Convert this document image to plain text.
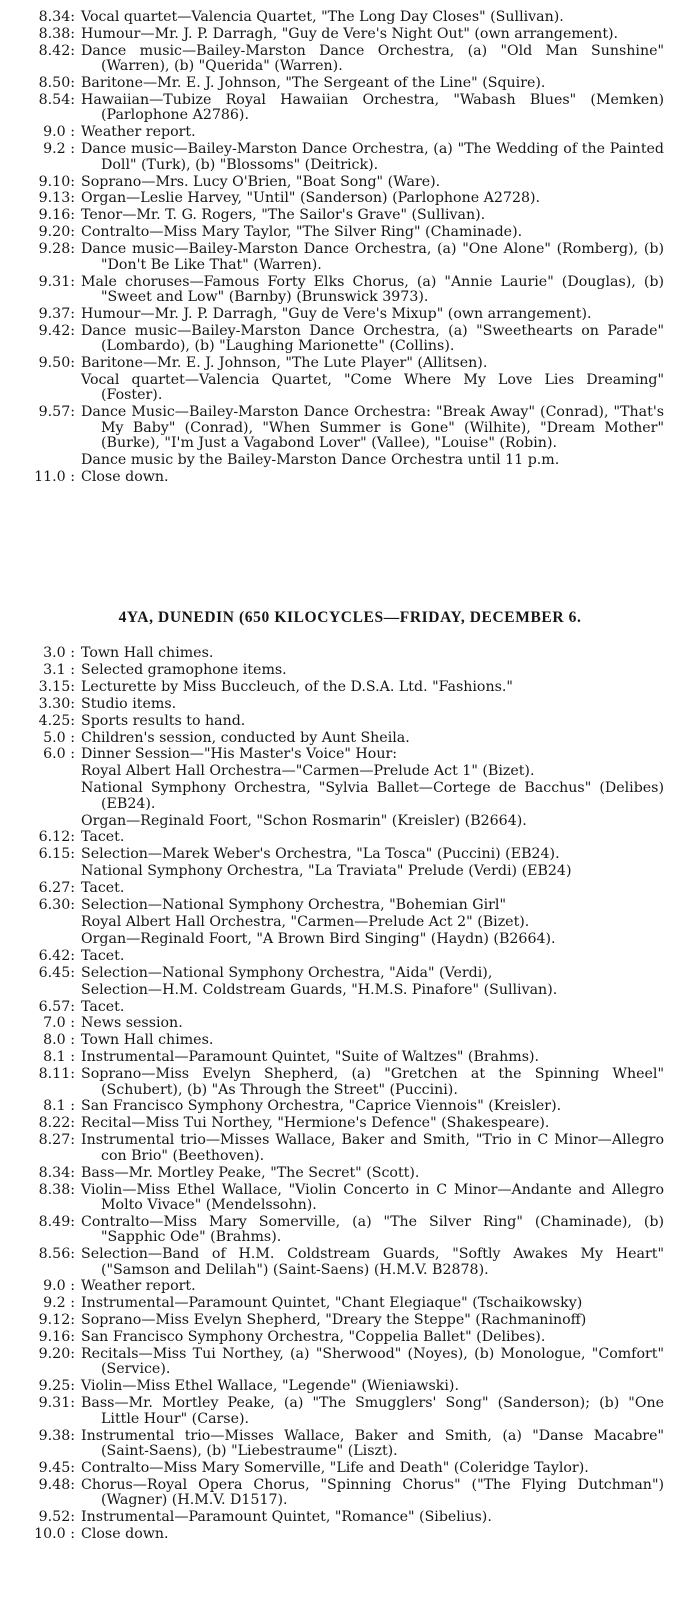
8.34: Vocal quartet—Valencia Quartet, "The Long Day Closes" (Sullivan).
8.38: Humour—Mr. J. P. Darragh, "Guy de Vere's Night Out" (own arrangement).
8.42: Dance music—Bailey-Marston Dance Orchestra, (a) "Old Man Sunshine" (Warren), (b) "Querida" (Warren).
8.50: Baritone—Mr. E. J. Johnson, "The Sergeant of the Line" (Squire).
8.54: Hawaiian—Tubize Royal Hawaiian Orchestra, "Wabash Blues" (Memken) (Parlophone A2786).
9.0 : Weather report.
9.2 : Dance music—Bailey-Marston Dance Orchestra, (a) "The Wedding of the Painted Doll" (Turk), (b) "Blossoms" (Deitrick).
9.10: Soprano—Mrs. Lucy O'Brien, "Boat Song" (Ware).
9.13: Organ—Leslie Harvey, "Until" (Sanderson) (Parlophone A2728).
9.16: Tenor—Mr. T. G. Rogers, "The Sailor's Grave" (Sullivan).
9.20: Contralto—Miss Mary Taylor, "The Silver Ring" (Chaminade).
9.28: Dance music—Bailey-Marston Dance Orchestra, (a) "One Alone" (Romberg), (b) "Don't Be Like That" (Warren).
9.31: Male choruses—Famous Forty Elks Chorus, (a) "Annie Laurie" (Douglas), (b) "Sweet and Low" (Barnby) (Brunswick 3973).
9.37: Humour—Mr. J. P. Darragh, "Guy de Vere's Mixup" (own arrangement).
9.42: Dance music—Bailey-Marston Dance Orchestra, (a) "Sweethearts on Parade" (Lombardo), (b) "Laughing Marionette" (Collins).
9.50: Baritone—Mr. E. J. Johnson, "The Lute Player" (Allitsen).
Vocal quartet—Valencia Quartet, "Come Where My Love Lies Dreaming" (Foster).
9.57: Dance Music—Bailey-Marston Dance Orchestra: "Break Away" (Conrad), "That's My Baby" (Conrad), "When Summer is Gone" (Wilhite), "Dream Mother" (Burke), "I'm Just a Vagabond Lover" (Vallee), "Louise" (Robin).
Dance music by the Bailey-Marston Dance Orchestra until 11 p.m.
11.0 : Close down.
4YA, DUNEDIN (650 KILOCYCLES—FRIDAY, DECEMBER 6.
3.0 : Town Hall chimes.
3.1 : Selected gramophone items.
3.15: Lecturette by Miss Buccleuch, of the D.S.A. Ltd. "Fashions."
3.30: Studio items.
4.25: Sports results to hand.
5.0 : Children's session, conducted by Aunt Sheila.
6.0 : Dinner Session—"His Master's Voice" Hour:
Royal Albert Hall Orchestra—"Carmen—Prelude Act 1" (Bizet).
National Symphony Orchestra, "Sylvia Ballet—Cortege de Bacchus" (Delibes) (EB24).
Organ—Reginald Foort, "Schon Rosmarin" (Kreisler) (B2664).
6.12: Tacet.
6.15: Selection—Marek Weber's Orchestra, "La Tosca" (Puccini) (EB24).
National Symphony Orchestra, "La Traviata" Prelude (Verdi) (EB24)
6.27: Tacet.
6.30: Selection—National Symphony Orchestra, "Bohemian Girl"
Royal Albert Hall Orchestra, "Carmen—Prelude Act 2" (Bizet).
Organ—Reginald Foort, "A Brown Bird Singing" (Haydn) (B2664).
6.42: Tacet.
6.45: Selection—National Symphony Orchestra, "Aida" (Verdi),
Selection—H.M. Coldstream Guards, "H.M.S. Pinafore" (Sullivan).
6.57: Tacet.
7.0 : News session.
8.0 : Town Hall chimes.
8.1 : Instrumental—Paramount Quintet, "Suite of Waltzes" (Brahms).
8.11: Soprano—Miss Evelyn Shepherd, (a) "Gretchen at the Spinning Wheel" (Schubert), (b) "As Through the Street" (Puccini).
8.1 : San Francisco Symphony Orchestra, "Caprice Viennois" (Kreisler).
8.22: Recital—Miss Tui Northey, "Hermione's Defence" (Shakespeare).
8.27: Instrumental trio—Misses Wallace, Baker and Smith, "Trio in C Minor—Allegro con Brio" (Beethoven).
8.34: Bass—Mr. Mortley Peake, "The Secret" (Scott).
8.38: Violin—Miss Ethel Wallace, "Violin Concerto in C Minor—Andante and Allegro Molto Vivace" (Mendelssohn).
8.49: Contralto—Miss Mary Somerville, (a) "The Silver Ring" (Chaminade), (b) "Sapphic Ode" (Brahms).
8.56: Selection—Band of H.M. Coldstream Guards, "Softly Awakes My Heart" ("Samson and Delilah") (Saint-Saens) (H.M.V. B2878).
9.0 : Weather report.
9.2 : Instrumental—Paramount Quintet, "Chant Elegiaque" (Tschaikowsky)
9.12: Soprano—Miss Evelyn Shepherd, "Dreary the Steppe" (Rachmaninoff)
9.16: San Francisco Symphony Orchestra, "Coppelia Ballet" (Delibes).
9.20: Recitals—Miss Tui Northey, (a) "Sherwood" (Noyes), (b) Monologue, "Comfort" (Service).
9.25: Violin—Miss Ethel Wallace, "Legende" (Wieniawski).
9.31: Bass—Mr. Mortley Peake, (a) "The Smugglers' Song" (Sanderson); (b) "One Little Hour" (Carse).
9.38: Instrumental trio—Misses Wallace, Baker and Smith, (a) "Danse Macabre" (Saint-Saens), (b) "Liebestraume" (Liszt).
9.45: Contralto—Miss Mary Somerville, "Life and Death" (Coleridge Taylor).
9.48: Chorus—Royal Opera Chorus, "Spinning Chorus" ("The Flying Dutchman") (Wagner) (H.M.V. D1517).
9.52: Instrumental—Paramount Quintet, "Romance" (Sibelius).
10.0 : Close down.
